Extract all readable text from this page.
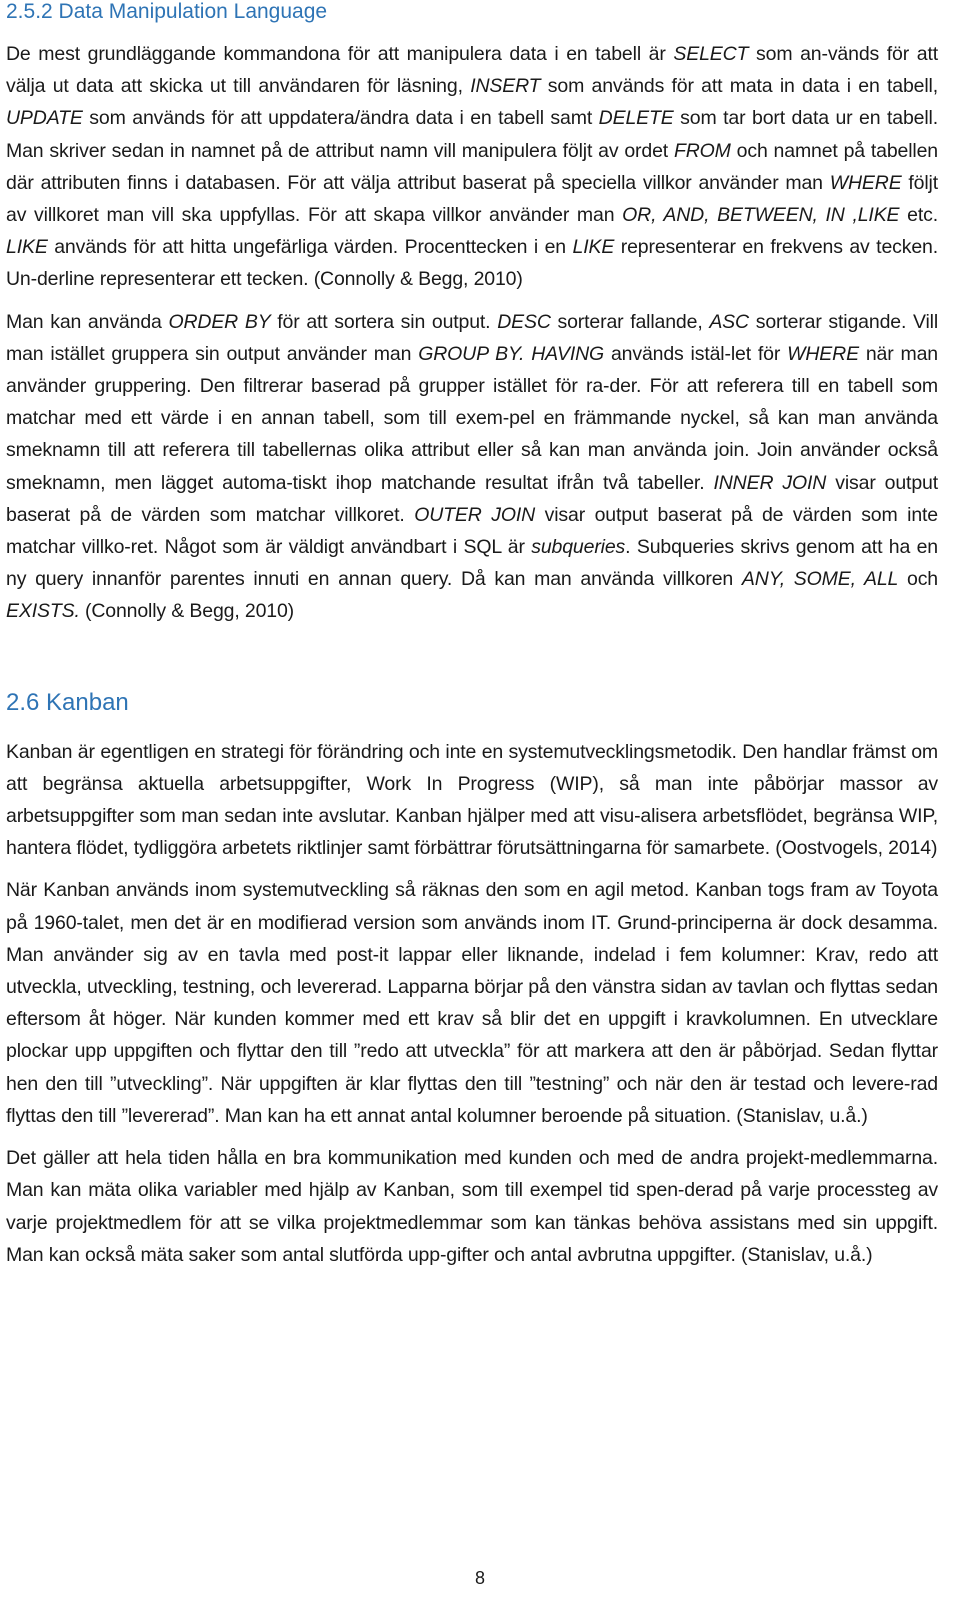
2.5.2 Data Manipulation Language

De mest grundläggande kommandona för att manipulera data i en tabell är SELECT som an-vänds för att välja ut data att skicka ut till användaren för läsning, INSERT som används för att mata in data i en tabell, UPDATE som används för att uppdatera/ändra data i en tabell samt DELETE som tar bort data ur en tabell. Man skriver sedan in namnet på de attribut namn vill manipulera följt av ordet FROM och namnet på tabellen där attributen finns i databasen. För att välja attribut baserat på speciella villkor använder man WHERE följt av villkoret man vill ska uppfyllas. För att skapa villkor använder man OR, AND, BETWEEN, IN ,LIKE etc. LIKE används för att hitta ungefärliga värden. Procenttecken i en LIKE representerar en frekvens av tecken. Un-derline representerar ett tecken. (Connolly & Begg, 2010)

Man kan använda ORDER BY för att sortera sin output. DESC sorterar fallande, ASC sorterar stigande. Vill man istället gruppera sin output använder man GROUP BY. HAVING används istäl-let för WHERE när man använder gruppering. Den filtrerar baserad på grupper istället för ra-der. För att referera till en tabell som matchar med ett värde i en annan tabell, som till exem-pel en främmande nyckel, så kan man använda smeknamn till att referera till tabellernas olika attribut eller så kan man använda join. Join använder också smeknamn, men lägget automa-tiskt ihop matchande resultat ifrån två tabeller. INNER JOIN visar output baserat på de värden som matchar villkoret. OUTER JOIN visar output baserat på de värden som inte matchar villko-ret. Något som är väldigt användbart i SQL är subqueries. Subqueries skrivs genom att ha en ny query innanför parentes innuti en annan query. Då kan man använda villkoren ANY, SOME, ALL och EXISTS. (Connolly & Begg, 2010)

2.6 Kanban

Kanban är egentligen en strategi för förändring och inte en systemutvecklingsmetodik. Den handlar främst om att begränsa aktuella arbetsuppgifter, Work In Progress (WIP), så man inte påbörjar massor av arbetsuppgifter som man sedan inte avslutar. Kanban hjälper med att visu-alisera arbetsflödet, begränsa WIP, hantera flödet, tydliggöra arbetets riktlinjer samt förbättrar förutsättningarna för samarbete. (Oostvogels, 2014)

När Kanban används inom systemutveckling så räknas den som en agil metod. Kanban togs fram av Toyota på 1960-talet, men det är en modifierad version som används inom IT. Grund-principerna är dock desamma. Man använder sig av en tavla med post-it lappar eller liknande, indelad i fem kolumner: Krav, redo att utveckla, utveckling, testning, och levererad. Lapparna börjar på den vänstra sidan av tavlan och flyttas sedan eftersom åt höger. När kunden kommer med ett krav så blir det en uppgift i kravkolumnen. En utvecklare plockar upp uppgiften och flyttar den till ”redo att utveckla” för att markera att den är påbörjad. Sedan flyttar hen den till ”utveckling”. När uppgiften är klar flyttas den till ”testning” och när den är testad och levere-rad flyttas den till ”levererad”. Man kan ha ett annat antal kolumner beroende på situation. (Stanislav, u.å.)

Det gäller att hela tiden hålla en bra kommunikation med kunden och med de andra projekt-medlemmarna. Man kan mäta olika variabler med hjälp av Kanban, som till exempel tid spen-derad på varje processteg av varje projektmedlem för att se vilka projektmedlemmar som kan tänkas behöva assistans med sin uppgift. Man kan också mäta saker som antal slutförda upp-gifter och antal avbrutna uppgifter. (Stanislav, u.å.)

8
